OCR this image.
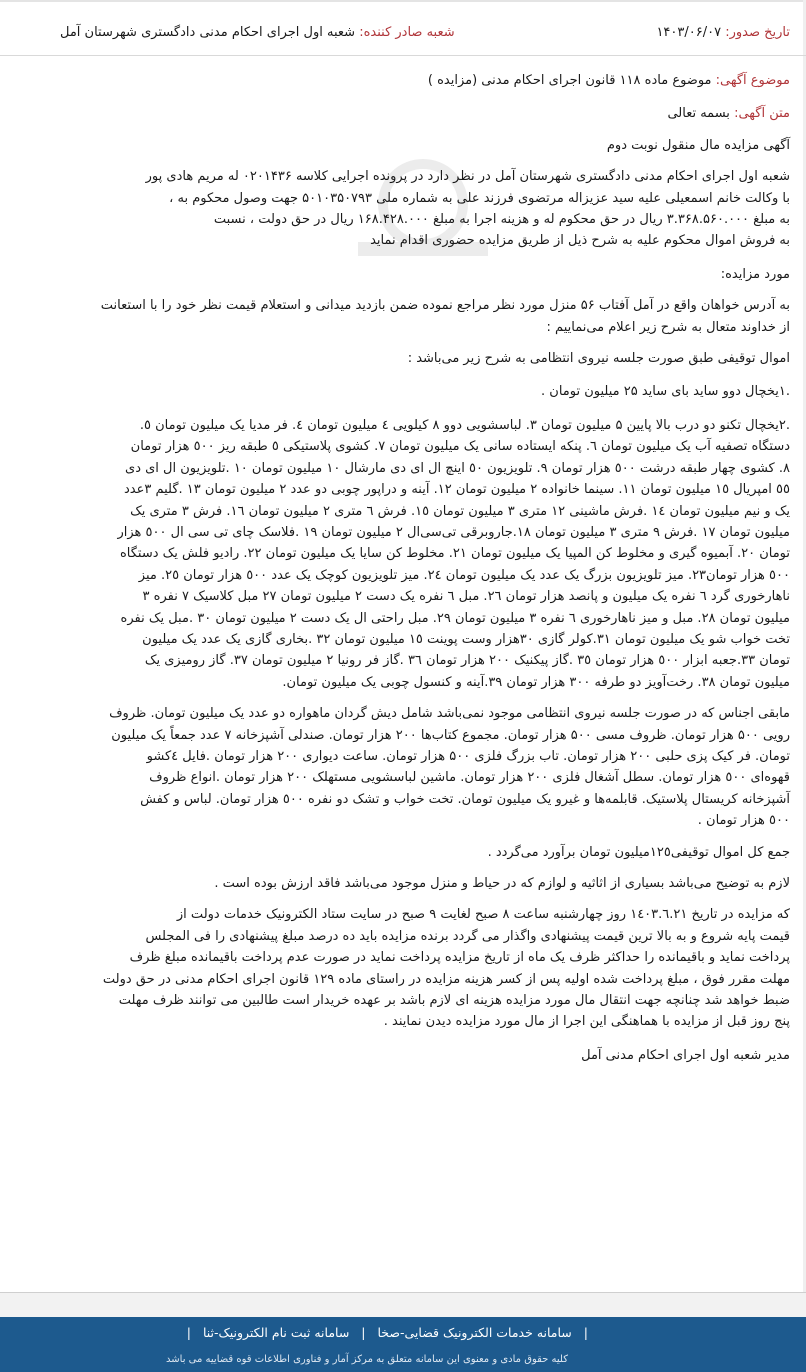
تاریخ صدور: ۱۴۰۳/۰۶/۰۷
شعبه صادر کننده: شعبه اول اجرای احکام مدنی دادگستری شهرستان آمل

موضوع آگهی: موضوع ماده ۱۱۸ قانون اجرای احکام مدنی (مزایده )

متن آگهی: بسمه تعالی

آگهی مزایده مال منقول نوبت دوم

شعبه اول اجرای احکام مدنی دادگستری شهرستان آمل در نظر دارد در پرونده اجرایی کلاسه ۰۲۰۱۴۳۶ له مریم هادی پور

با وکالت خانم اسمعیلی علیه سید عزیزاله مرتضوی فرزند علی به شماره ملی ۵۰۱۰۳۵۰۷۹۳ جهت وصول محکوم به ،

به مبلغ ۳.۳۶۸.۵۶۰.۰۰۰ ریال در حق محکوم له و هزینه اجرا به مبلغ ۱۶۸.۴۲۸.۰۰۰ ریال در حق دولت ، نسبت

به فروش اموال محکوم علیه به شرح ذیل از طریق مزایده حضوری اقدام نماید

مورد مزایده:

به آدرس خواهان واقع در آمل آفتاب ۵۶ منزل مورد نظر مراجع نموده ضمن بازدید میدانی و استعلام قیمت نظر خود را با استعانت

از خداوند متعال به شرح زیر اعلام می‌نماییم :

اموال توقیفی طبق صورت جلسه نیروی انتظامی به شرح زیر می‌باشد :

.۱یخچال دوو ساید بای ساید ۲۵ میلیون تومان .

.۲یخچال تکنو دو درب بالا پایین ۵ میلیون تومان ۳. لباسشویی دوو ۸ کیلویی ٤ میلیون تومان ٤. فر مدیا یک میلیون تومان ٥.

دستگاه تصفیه آب یک میلیون تومان ٦. پنکه ایستاده سانی یک میلیون تومان ۷. کشوی پلاستیکی ٥ طبقه ریز ٥٠٠ هزار تومان

۸. کشوی چهار طبقه درشت ٥٠٠ هزار تومان ۹. تلویزیون ٥٠ اینچ ال ای دی مارشال ۱۰ میلیون تومان ۱۰ .تلویزیون ال ای دی

٥٥ امپریال ۱٥ میلیون تومان ۱۱. سینما خانواده ۲ میلیون تومان ۱۲. آینه و دراپور چوبی دو عدد ۲ میلیون تومان ۱۳ .گلیم ۳عدد

یک و نیم میلیون تومان ۱٤ .فرش ماشینی ۱۲ متری ۳ میلیون تومان ۱٥. فرش ٦ متری ۲ میلیون تومان ۱٦. فرش ۳ متری یک

میلیون تومان ۱۷ .فرش ۹ متری ۳ میلیون تومان ۱۸.جاروبرقی تی‌سی‌ال ۲ میلیون تومان ۱۹ .فلاسک چای تی سی ال ٥٠٠ هزار

تومان ۲۰. آبمیوه گیری و مخلوط کن المپیا یک میلیون تومان ۲۱. مخلوط کن سایا یک میلیون تومان ۲۲. رادیو فلش یک دستگاه

٥٠٠ هزار تومان۲۳. میز تلویزیون بزرگ یک عدد یک میلیون تومان ۲٤. میز تلویزیون کوچک یک عدد ٥٠٠ هزار تومان ۲٥. میز

ناهارخوری گرد ٦ نفره یک میلیون و پانصد هزار تومان ۲٦. مبل ٦ نفره یک دست ۲ میلیون تومان ۲۷ مبل کلاسیک ۷ نفره ۳

میلیون تومان ۲۸. مبل و میز ناهارخوری ٦ نفره ۳ میلیون تومان ۲۹. مبل راحتی ال یک دست ۲ میلیون تومان ۳۰ .مبل یک نفره

تخت خواب شو یک میلیون تومان ۳۱.کولر گازی ۳۰هزار وست پوینت ۱٥ میلیون تومان ۳۲ .بخاری گازی یک عدد یک میلیون

تومان ۳۳.جعبه ابزار ٥٠٠ هزار تومان ۳٥ .گاز پیکنیک ۲۰۰ هزار تومان ۳٦ .گاز فر رونیا ۲ میلیون تومان ۳۷. گاز رومیزی یک

میلیون تومان ۳۸. رخت‌آویز دو طرفه ۳۰۰ هزار تومان ۳۹.آینه و کنسول چوبی یک میلیون تومان.

مابقی اجناس که در صورت جلسه نیروی انتظامی موجود نمی‌باشد شامل دیش گردان ماهواره دو عدد یک میلیون تومان. ظروف

رویی ۵۰۰ هزار تومان. ظروف مسی ۵۰۰ هزار تومان. مجموع کتاب‌ها ۲۰۰ هزار تومان. صندلی آشپزخانه ۷ عدد جمعاً یک میلیون

تومان. فر کیک پزی حلبی ۲۰۰ هزار تومان. تاب بزرگ فلزی ۵۰۰ هزار تومان. ساعت دیواری ۲۰۰ هزار تومان .فایل ٤کشو

قهوه‌ای ٥٠٠ هزار تومان. سطل آشغال فلزی ۲۰۰ هزار تومان. ماشین لباسشویی مستهلک ۲۰۰ هزار تومان .انواع ظروف

آشپزخانه کریستال پلاستیک. قابلمه‌ها و غیرو یک میلیون تومان. تخت خواب و تشک دو نفره ٥٠٠ هزار تومان. لباس و کفش

٥٠٠ هزار تومان .

جمع کل اموال توقیفی۱۲٥میلیون تومان برآورد می‌گردد .

لازم به توضیح می‌باشد بسیاری از اثاثیه و لوازم که در حیاط و منزل موجود می‌باشد فاقد ارزش بوده است .

که مزایده در تاریخ ۱٤۰۳.٦.۲۱ روز چهارشنبه ساعت ۸ صبح لغایت ۹ صبح در سایت ستاد الکترونیک خدمات دولت از

قیمت پایه شروع و به بالا ترین قیمت پیشنهادی واگذار می گردد برنده مزایده باید ده درصد مبلغ پیشنهادی را فی المجلس

پرداخت نماید و باقیمانده را حداکثر ظرف یک ماه از تاریخ مزایده پرداخت نماید در صورت عدم پرداخت باقیمانده مبلغ ظرف

مهلت مقرر فوق ، مبلغ پرداخت شده اولیه پس از کسر هزینه مزایده در راستای ماده ۱۲۹ قانون اجرای احکام مدنی در حق دولت

ضبط خواهد شد چنانچه جهت انتقال مال مورد مزایده هزینه ای لازم باشد بر عهده خریدار است طالبین می توانند ظرف مهلت

پنج روز قبل از مزایده با هماهنگی این اجرا از مال مورد مزایده دیدن نمایند .

مدیر شعبه اول اجرای احکام مدنی آمل

| سامانه خدمات الکترونیک قضایی-صخا | سامانه ثبت نام الکترونیک-ثنا |
کلیه حقوق مادی و معنوی این سامانه متعلق به مرکز آمار و فناوری اطلاعات قوه قضاییه می باشد
